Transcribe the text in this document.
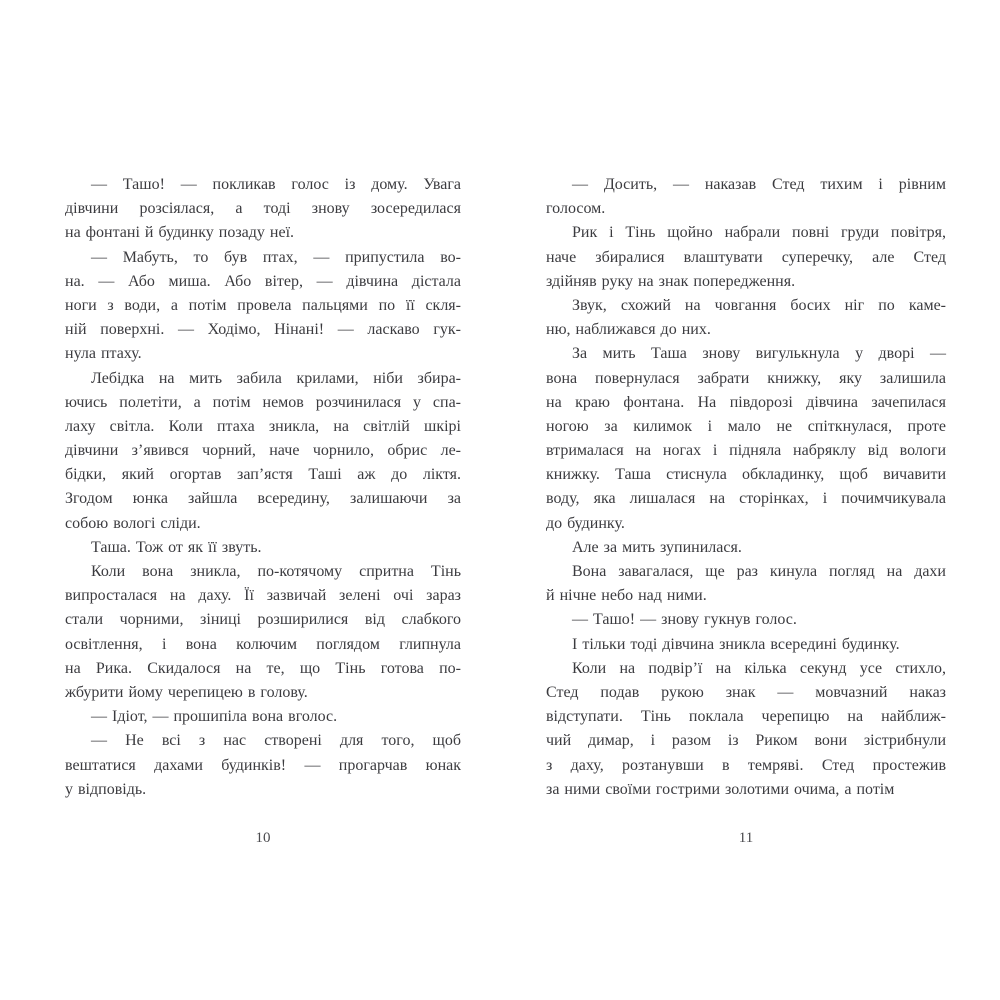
— Ташо! — покликав голос із дому. Увага
дівчини розсіялася, а тоді знову зосередилася
на фонтані й будинку позаду неї.
— Мабуть, то був птах, — припустила во-
на. — Або миша. Або вітер, — дівчина дістала
ноги з води, а потім провела пальцями по її скля-
ній поверхні. — Ходімо, Нінані! — ласкаво гук-
нула птаху.
Лебідка на мить забила крилами, ніби збира-
ючись полетіти, а потім немов розчинилася у спа-
лаху світла. Коли птаха зникла, на світлій шкірі
дівчини з’явився чорний, наче чорнило, обрис ле-
бідки, який огортав зап’ястя Таші аж до ліктя.
Згодом юнка зайшла всередину, залишаючи за
собою вологі сліди.
Таша. Тож от як її звуть.
Коли вона зникла, по-котячому спритна Тінь
випросталася на даху. Її зазвичай зелені очі зараз
стали чорними, зіниці розширилися від слабкого
освітлення, і вона колючим поглядом глипнула
на Рика. Скидалося на те, що Тінь готова по-
жбурити йому черепицею в голову.
— Ідіот, — прошипіла вона вголос.
— Не всі з нас створені для того, щоб
вештатися дахами будинків! — прогарчав юнак
у відповідь.
10
— Досить, — наказав Стед тихим і рівним
голосом.
Рик і Тінь щойно набрали повні груди повітря,
наче збиралися влаштувати суперечку, але Стед
здійняв руку на знак попередження.
Звук, схожий на човгання босих ніг по каме-
ню, наближався до них.
За мить Таша знову вигулькнула у дворі —
вона повернулася забрати книжку, яку залишила
на краю фонтана. На півдорозі дівчина зачепилася
ногою за килимок і мало не спіткнулася, проте
втрималася на ногах і підняла набряклу від вологи
книжку. Таша стиснула обкладинку, щоб вичавити
воду, яка лишалася на сторінках, і почимчикувала
до будинку.
Але за мить зупинилася.
Вона завагалася, ще раз кинула погляд на дахи
й нічне небо над ними.
— Ташо! — знову гукнув голос.
І тільки тоді дівчина зникла всередині будинку.
Коли на подвір’ї на кілька секунд усе стихло,
Стед подав рукою знак — мовчазний наказ
відступати. Тінь поклала черепицю на найближ-
чий димар, і разом із Риком вони зістрибнули
з даху, розтанувши в темряві. Стед простежив
за ними своїми гострими золотими очима, а потім
11
